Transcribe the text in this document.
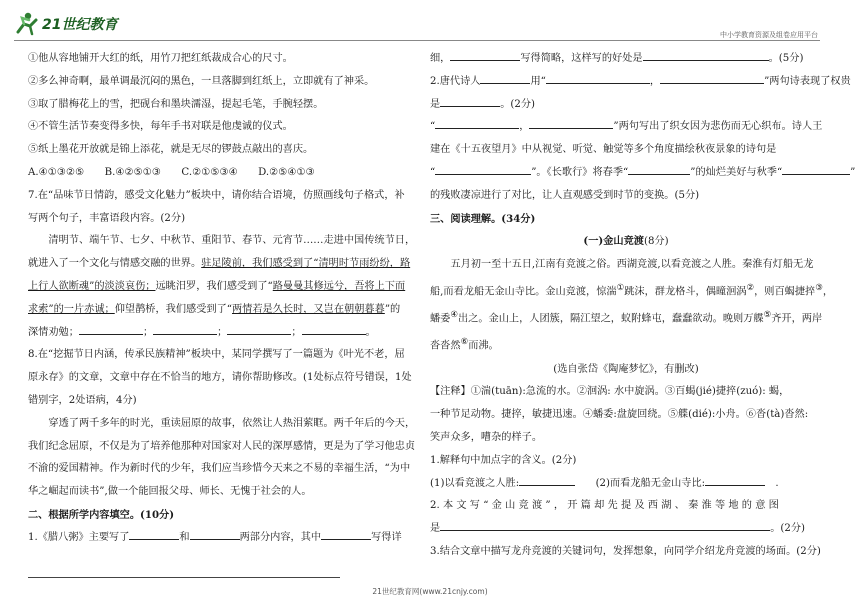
21世纪教育
中小学教育资源及组卷应用平台

①他从容地铺开大红的纸，用竹刀把红纸裁成合心的尺寸。

②多么神奇啊，最单调最沉闷的黑色，一旦落脚到红纸上，立即就有了神采。

③取了腊梅花上的雪，把砚台和墨块濡湿，提起毛笔，手腕轻摆。

④不管生活节奏变得多快，每年手书对联是他虔诚的仪式。

⑤纸上墨花开放就是锦上添花，就是无尽的锣鼓点敲出的喜庆。

A.④①③②⑤　　B.④②⑤①③　　C.②①⑤③④　　D.②⑤④①③

7.在“品味节日情韵，感受文化魅力”板块中，请你结合语境，仿照画线句子格式，补

写两个句子，丰富语段内容。(2分)

清明节、端午节、七夕、中秋节、重阳节、春节、元宵节……走进中国传统节日，

就进入了一个文化与情感交融的世界。驻足陵前，我们感受到了“清明时节雨纷纷，路

上行人欲断魂”的淡淡哀伤；远眺汨罗，我们感受到了“路曼曼其修远兮，吾将上下而

求索”的一片赤诚；仰望鹊桥，我们感受到了“两情若是久长时，又岂在朝朝暮暮”的

深情劝勉；	；	；	；	。

8.在“挖掘节日内涵，传承民族精神”板块中，某同学撰写了一篇题为《叶光不老，屈

原永存》的文章，文章中存在不恰当的地方，请你帮助修改。(1处标点符号错误，1处

错别字，2处语病，4分)

穿透了两千多年的时光，重读屈原的故事，依然让人热泪萦眶。两千年后的今天，

我们纪念屈原，不仅是为了培养他那种对国家对人民的深厚感情，更是为了学习他忠贞

不渝的爱国精神。作为新时代的少年，我们应当珍惜今天来之不易的幸福生活，“为中

华之崛起而读书”,做一个能回报父母、师长、无愧于社会的人。

二、根据所学内容填空。(10分)

1.《腊八粥》主要写了	和	两部分内容，其中	写得详

细，	写得简略，这样写的好处是	。(5分)

2.唐代诗人	用“	，	”两句诗表现了权贵

是	。(2分)

“	，	”两句写出了织女因为悲伤而无心织布。诗人王

建在《十五夜望月》中从视觉、听觉、触觉等多个角度描绘秋夜景象的诗句是

“	”。《长歌行》将春季“	”的灿烂美好与秋季“	”

的残败凄凉进行了对比，让人直观感受到时节的变换。(5分)

三、阅读理解。(34分)

(一)金山竞渡(8分)

五月初一至十五日,江南有竞渡之俗。西湖竞渡,以看竞渡之人胜。秦淮有灯船无龙

船,而看龙船无金山寺比。金山竞渡，惊湍①跳沫，群龙格斗，偶曈洄涡②，则百蝎捷捽③，

蟠委④出之。金山上，人团簇，隔江望之，蚁附蜂屯，蠢蠢欲动。晚则万艓⑤齐开，两岸

沓沓然⑥而沸。

(选自张岱《陶庵梦忆》，有删改)

【注释】①湍(tuān):急流的水。②洄涡: 水中旋涡。③百蝎(jié)捷捽(zuó): 蝎，

一种节足动物。捷捽，敏捷迅速。④蟠委:盘旋回绕。⑤艓(dié):小舟。⑥沓(tà)沓然:

笑声众多，嘈杂的样子。

1.解释句中加点字的含义。(2分)

(1)以看竞渡之人胜:　　	(2)而看龙船无金山寺比:　	.

2. 本 文 写 “ 金 山 竞 渡 ” ， 开 篇 却 先 提 及 西 湖 、 秦 淮 等 地 的 意 图

是	。(2分)

3.结合文章中描写龙舟竞渡的关键词句，发挥想象，向同学介绍龙舟竞渡的场面。(2分)

21世纪教育网(www.21cnjy.com)
